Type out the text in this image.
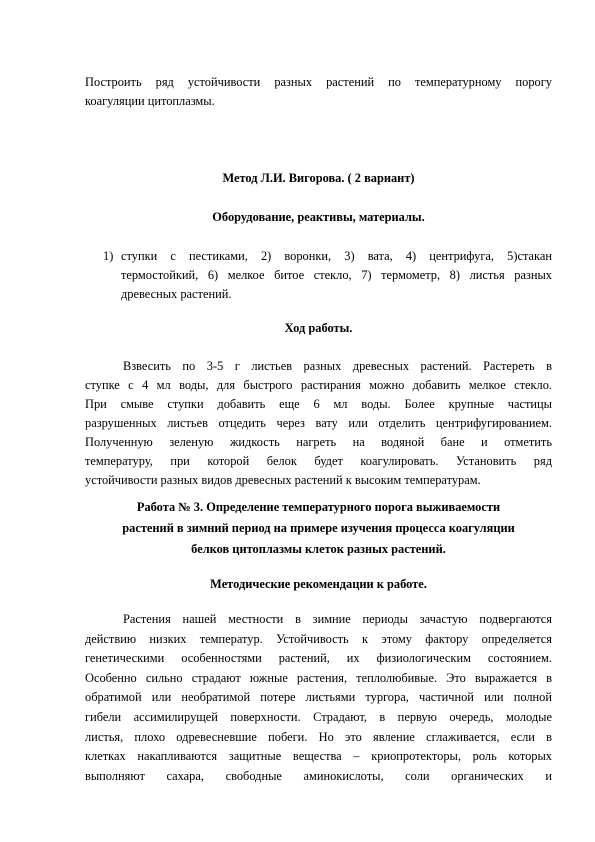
Построить ряд устойчивости разных растений по температурному порогу
коагуляции цитоплазмы.
Метод Л.И. Вигорова. ( 2 вариант)
Оборудование, реактивы, материалы.
1) ступки с пестиками, 2) воронки, 3) вата, 4) центрифуга, 5)стакан
термостойкий, 6) мелкое битое стекло, 7) термометр, 8) листья разных
древесных растений.
Ход работы.
Взвесить по 3-5 г листьев разных древесных растений. Растереть в
ступке с 4 мл воды, для быстрого растирания можно добавить мелкое стекло.
При смыве ступки добавить еще 6 мл воды. Более крупные частицы
разрушенных листьев отцедить через вату или отделить центрифугированием.
Полученную зеленую жидкость нагреть на водяной бане и отметить
температуру, при которой белок будет коагулировать. Установить ряд
устойчивости разных видов древесных растений к высоким температурам.
Работа № 3. Определение температурного порога выживаемости
растений в зимний период на примере изучения процесса коагуляции
белков цитоплазмы клеток разных растений.
Методические рекомендации к работе.
Растения нашей местности в зимние периоды зачастую подвергаются
действию низких температур. Устойчивость к этому фактору определяется
генетическими особенностями растений, их физиологическим состоянием.
Особенно сильно страдают южные растения, теплолюбивые. Это выражается в
обратимой или необратимой потере листьями тургора, частичной или полной
гибели ассимилирущей поверхности. Страдают, в первую очередь, молодые
листья, плохо одревесневшие побеги. Но это явление сглаживается, если в
клетках накапливаются защитные вещества – криопротекторы, роль которых
выполняют сахара, свободные аминокислоты, соли органических и
